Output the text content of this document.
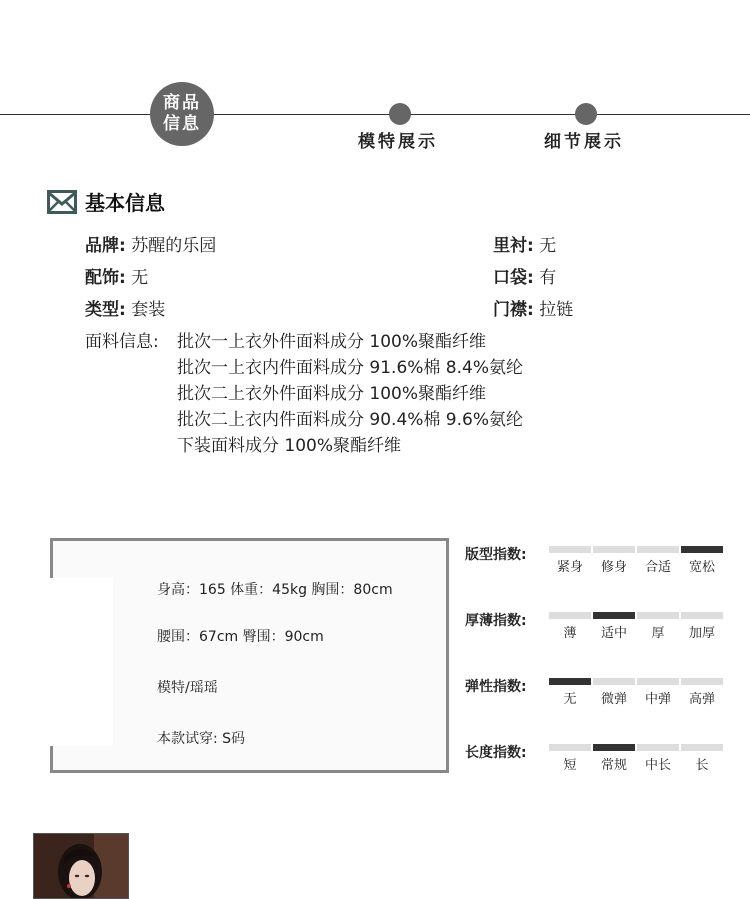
商品
信息
模特展示	细节展示
基本信息
品牌: 苏醒的乐园	里衬: 无
配饰: 无	口袋: 有
类型: 套装	门襟: 拉链
面料信息: 批次一上衣外件面料成分 100%聚酯纤维
批次一上衣内件面料成分 91.6%棉 8.4%氨纶
批次二上衣外件面料成分 100%聚酯纤维
批次二上衣内件面料成分 90.4%棉 9.6%氨纶
下装面料成分 100%聚酯纤维
身高：165 体重：45kg 胸围：80cm
腰围：67cm 臀围：90cm
模特/瑶瑶
本款试穿: S码
版型指数:
紧身	修身	合适	宽松
厚薄指数:
薄	适中	厚	加厚
弹性指数:
无	微弹	中弹	高弹
长度指数:
短	常规	中长	长
